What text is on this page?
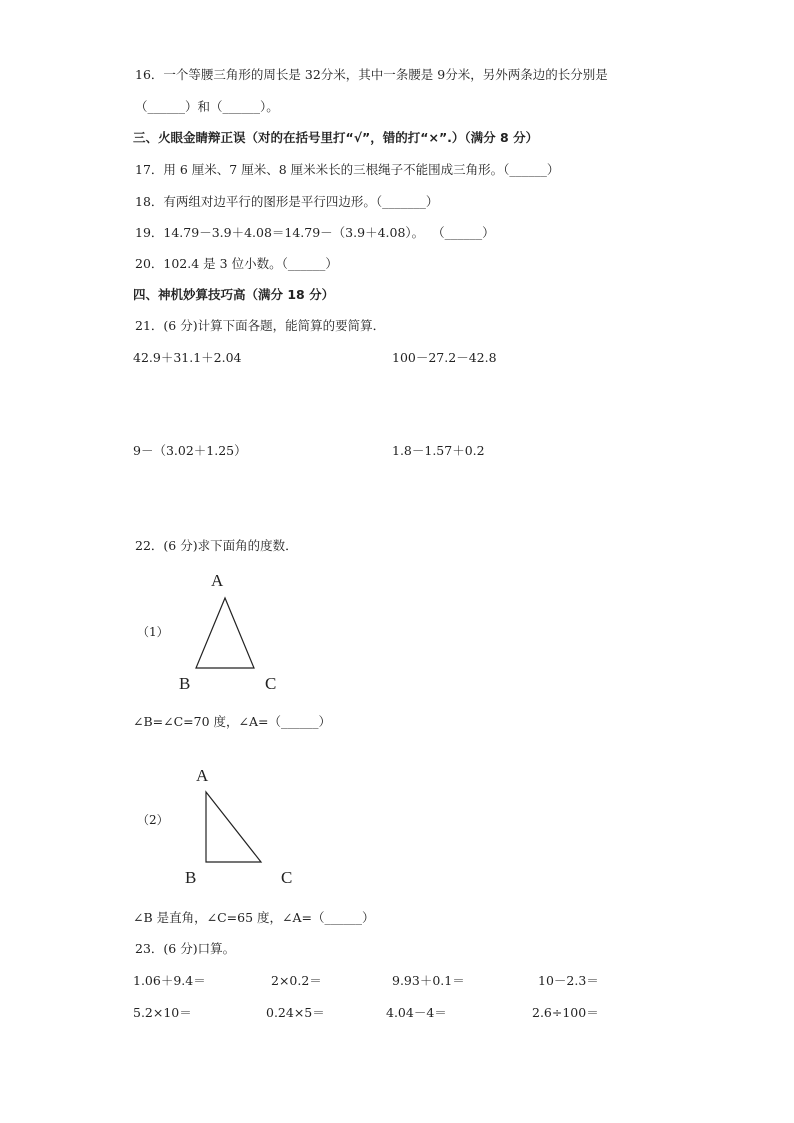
16．一个等腰三角形的周长是 32分米，其中一条腰是 9分米，另外两条边的长分别是
（______）和（______）。
三、火眼金睛辩正误（对的在括号里打“√”，错的打“×”.）（满分 8 分）
17．用 6 厘米、7 厘米、8 厘米米长的三根绳子不能围成三角形。（______）
18．有两组对边平行的图形是平行四边形。（_______）
19．14.79－3.9＋4.08＝14.79－（3.9＋4.08）。  （______）
20．102.4 是 3 位小数。（______）
四、神机妙算技巧高（满分 18 分）
21．(6 分)计算下面各题，能简算的要简算．
42.9＋31.1＋2.04	100－27.2－42.8
9－（3.02＋1.25）	1.8－1.57＋0.2
22．(6 分)求下面角的度数．
A
（1）
B	C
∠B=∠C=70 度，∠A=（______）
A
（2）
B	C
∠B 是直角，∠C=65 度，∠A=（______）
23．(6 分)口算。
1.06＋9.4＝	2×0.2＝	9.93＋0.1＝	10－2.3＝
5.2×10＝	0.24×5＝	4.04－4＝	2.6÷100＝
